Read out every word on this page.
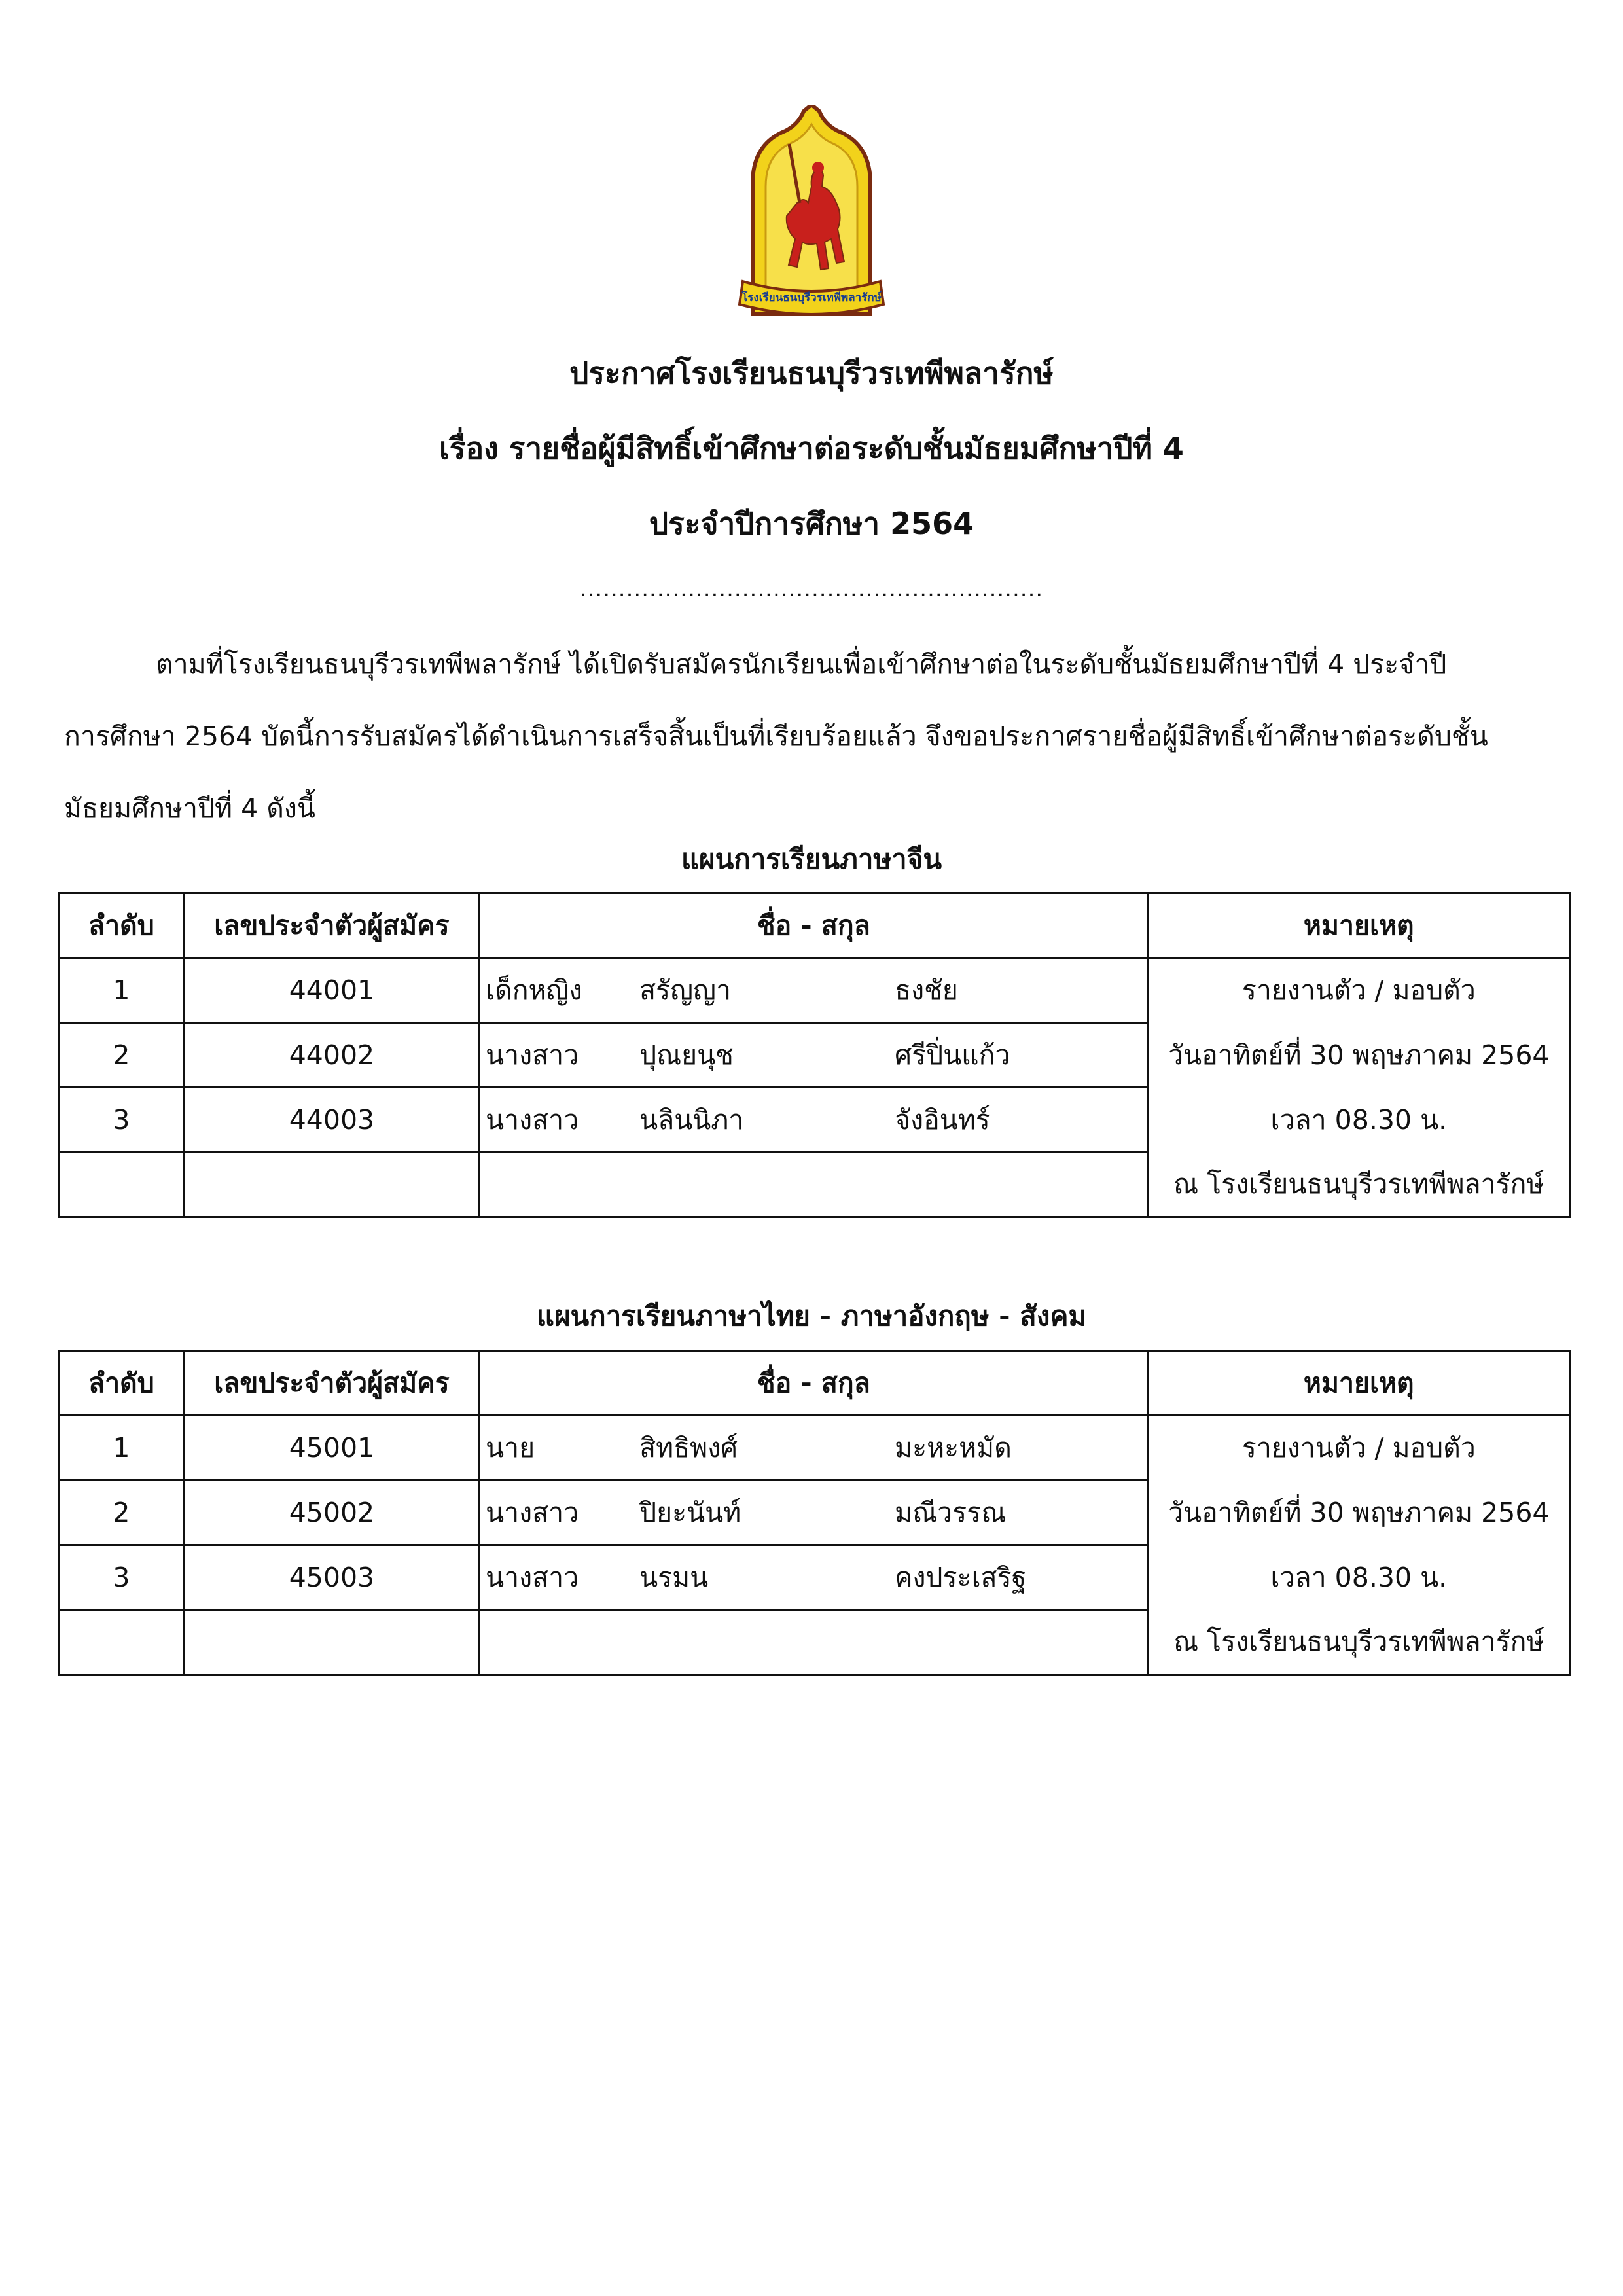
โรงเรียนธนบุรีวรเทพีพลารักษ์
ประกาศโรงเรียนธนบุรีวรเทพีพลารักษ์
เรื่อง รายชื่อผู้มีสิทธิ์เข้าศึกษาต่อระดับชั้นมัธยมศึกษาปีที่ 4
ประจำปีการศึกษา 2564
............................................................
ตามที่โรงเรียนธนบุรีวรเทพีพลารักษ์ ได้เปิดรับสมัครนักเรียนเพื่อเข้าศึกษาต่อในระดับชั้นมัธยมศึกษาปีที่ 4 ประจำปี
การศึกษา 2564 บัดนี้การรับสมัครได้ดำเนินการเสร็จสิ้นเป็นที่เรียบร้อยแล้ว จึงขอประกาศรายชื่อผู้มีสิทธิ์เข้าศึกษาต่อระดับชั้น
มัธยมศึกษาปีที่ 4 ดังนี้
แผนการเรียนภาษาจีน
ลำดับ	เลขประจำตัวผู้สมัคร	ชื่อ - สกุล	หมายเหตุ
1	44001	เด็กหญิง สรัญญา ธงชัย	รายงานตัว / มอบตัว
2	44002	นางสาว ปุณยนุช ศรีปิ่นแก้ว	วันอาทิตย์ที่ 30 พฤษภาคม 2564
3	44003	นางสาว นลินนิภา จังอินทร์	เวลา 08.30 น.
			ณ โรงเรียนธนบุรีวรเทพีพลารักษ์
แผนการเรียนภาษาไทย - ภาษาอังกฤษ - สังคม
ลำดับ	เลขประจำตัวผู้สมัคร	ชื่อ - สกุล	หมายเหตุ
1	45001	นาย สิทธิพงศ์ มะหะหมัด	รายงานตัว / มอบตัว
2	45002	นางสาว ปิยะนันท์ มณีวรรณ	วันอาทิตย์ที่ 30 พฤษภาคม 2564
3	45003	นางสาว นรมน คงประเสริฐ	เวลา 08.30 น.
			ณ โรงเรียนธนบุรีวรเทพีพลารักษ์
